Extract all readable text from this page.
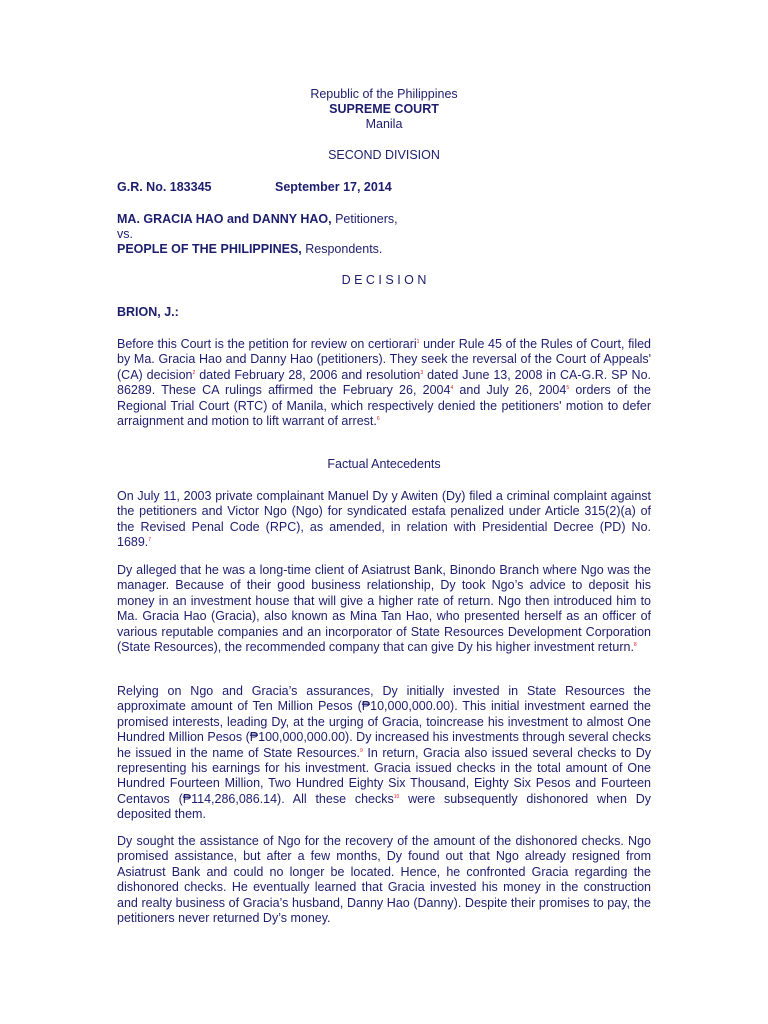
Republic of the Philippines
SUPREME COURT
Manila
SECOND DIVISION
G.R. No. 183345	September 17, 2014
MA. GRACIA HAO and DANNY HAO, Petitioners,
vs.
PEOPLE OF THE PHILIPPINES, Respondents.
D E C I S I O N
BRION, J.:
Before this Court is the petition for review on certiorari$^1$ under Rule 45 of the Rules of Court, filed by Ma. Gracia Hao and Danny Hao (petitioners). They seek the reversal of the Court of Appeals' (CA) decision$^2$ dated February 28, 2006 and resolution$^3$ dated June 13, 2008 in CA-G.R. SP No. 86289. These CA rulings affirmed the February 26, 2004$^4$ and July 26, 2004$^5$ orders of the Regional Trial Court (RTC) of Manila, which respectively denied the petitioners' motion to defer arraignment and motion to lift warrant of arrest.$^6$
Factual Antecedents
On July 11, 2003 private complainant Manuel Dy y Awiten (Dy) filed a criminal complaint against the petitioners and Victor Ngo (Ngo) for syndicated estafa penalized under Article 315(2)(a) of the Revised Penal Code (RPC), as amended, in relation with Presidential Decree (PD) No. 1689.$^7$
Dy alleged that he was a long-time client of Asiatrust Bank, Binondo Branch where Ngo was the manager. Because of their good business relationship, Dy took Ngo’s advice to deposit his money in an investment house that will give a higher rate of return. Ngo then introduced him to Ma. Gracia Hao (Gracia), also known as Mina Tan Hao, who presented herself as an officer of various reputable companies and an incorporator of State Resources Development Corporation (State Resources), the recommended company that can give Dy his higher investment return.$^8$
Relying on Ngo and Gracia’s assurances, Dy initially invested in State Resources the approximate amount of Ten Million Pesos (₱10,000,000.00). This initial investment earned the promised interests, leading Dy, at the urging of Gracia, toincrease his investment to almost One Hundred Million Pesos (₱100,000,000.00). Dy increased his investments through several checks he issued in the name of State Resources.$^9$ In return, Gracia also issued several checks to Dy representing his earnings for his investment. Gracia issued checks in the total amount of One Hundred Fourteen Million, Two Hundred Eighty Six Thousand, Eighty Six Pesos and Fourteen Centavos (₱114,286,086.14). All these checks$^{10}$ were subsequently dishonored when Dy deposited them.
Dy sought the assistance of Ngo for the recovery of the amount of the dishonored checks. Ngo promised assistance, but after a few months, Dy found out that Ngo already resigned from Asiatrust Bank and could no longer be located. Hence, he confronted Gracia regarding the dishonored checks. He eventually learned that Gracia invested his money in the construction and realty business of Gracia’s husband, Danny Hao (Danny). Despite their promises to pay, the petitioners never returned Dy’s money.
